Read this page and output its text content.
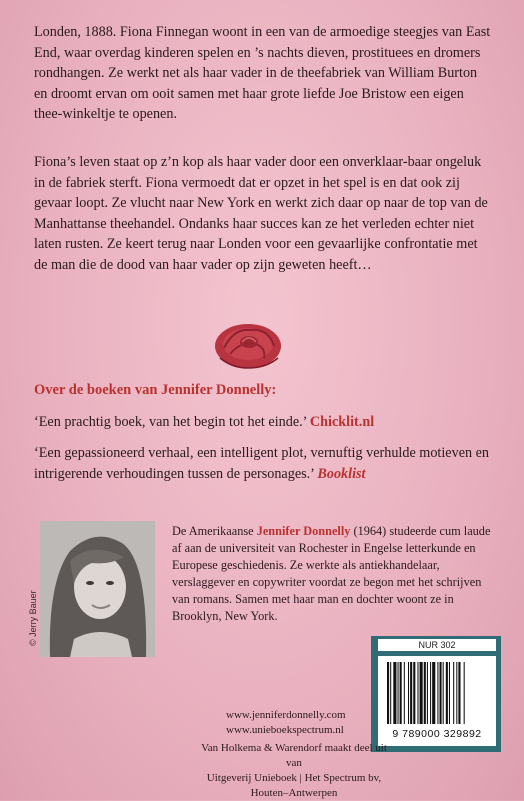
Londen, 1888. Fiona Finnegan woont in een van de armoedige steegjes van East End, waar overdag kinderen spelen en ’s nachts dieven, prostituees en dromers rondhangen. Ze werkt net als haar vader in de theefabriek van William Burton en droomt ervan om ooit samen met haar grote liefde Joe Bristow een eigen thee-winkeltje te openen.

Fiona’s leven staat op z’n kop als haar vader door een onverklaar-baar ongeluk in de fabriek sterft. Fiona vermoedt dat er opzet in het spel is en dat ook zij gevaar loopt. Ze vlucht naar New York en werkt zich daar op naar de top van de Manhattanse theehandel. Ondanks haar succes kan ze het verleden echter niet laten rusten. Ze keert terug naar Londen voor een gevaarlijke confrontatie met de man die de dood van haar vader op zijn geweten heeft…

Over de boeken van Jennifer Donnelly:

‘Een prachtig boek, van het begin tot het einde.’ Chicklit.nl

‘Een gepassioneerd verhaal, een intelligent plot, vernuftig verhulde motieven en intrigerende verhoudingen tussen de personages.’ Booklist

© Jerry Bauer

De Amerikaanse Jennifer Donnelly (1964) studeerde cum laude af aan de universiteit van Rochester in Engelse letterkunde en Europese geschiedenis. Ze werkte als antiekhandelaar, verslaggever en copywriter voordat ze begon met het schrijven van romans. Samen met haar man en dochter woont ze in Brooklyn, New York.

NUR 302
9 789000 329892
www.jenniferdonnelly.com
www.unieboekspectrum.nl
Van Holkema & Warendorf maakt deel uit van
Uitgeverij Unieboek | Het Spectrum bv, Houten–Antwerpen
